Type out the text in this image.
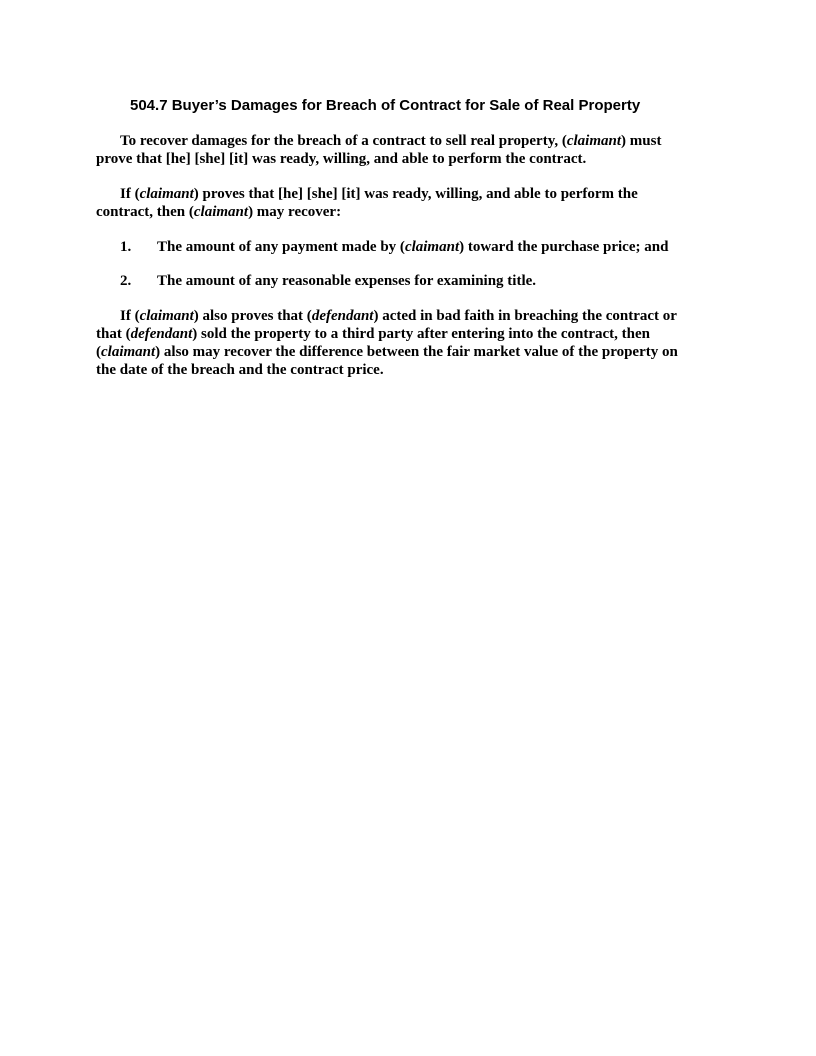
504.7 Buyer’s Damages for Breach of Contract for Sale of Real Property
To recover damages for the breach of a contract to sell real property, (claimant) must
prove that [he] [she] [it] was ready, willing, and able to perform the contract.
If (claimant) proves that [he] [she] [it] was ready, willing, and able to perform the
contract, then (claimant) may recover:
1. The amount of any payment made by (claimant) toward the purchase price; and
2. The amount of any reasonable expenses for examining title.
If (claimant) also proves that (defendant) acted in bad faith in breaching the contract or
that (defendant) sold the property to a third party after entering into the contract, then
(claimant) also may recover the difference between the fair market value of the property on
the date of the breach and the contract price.
